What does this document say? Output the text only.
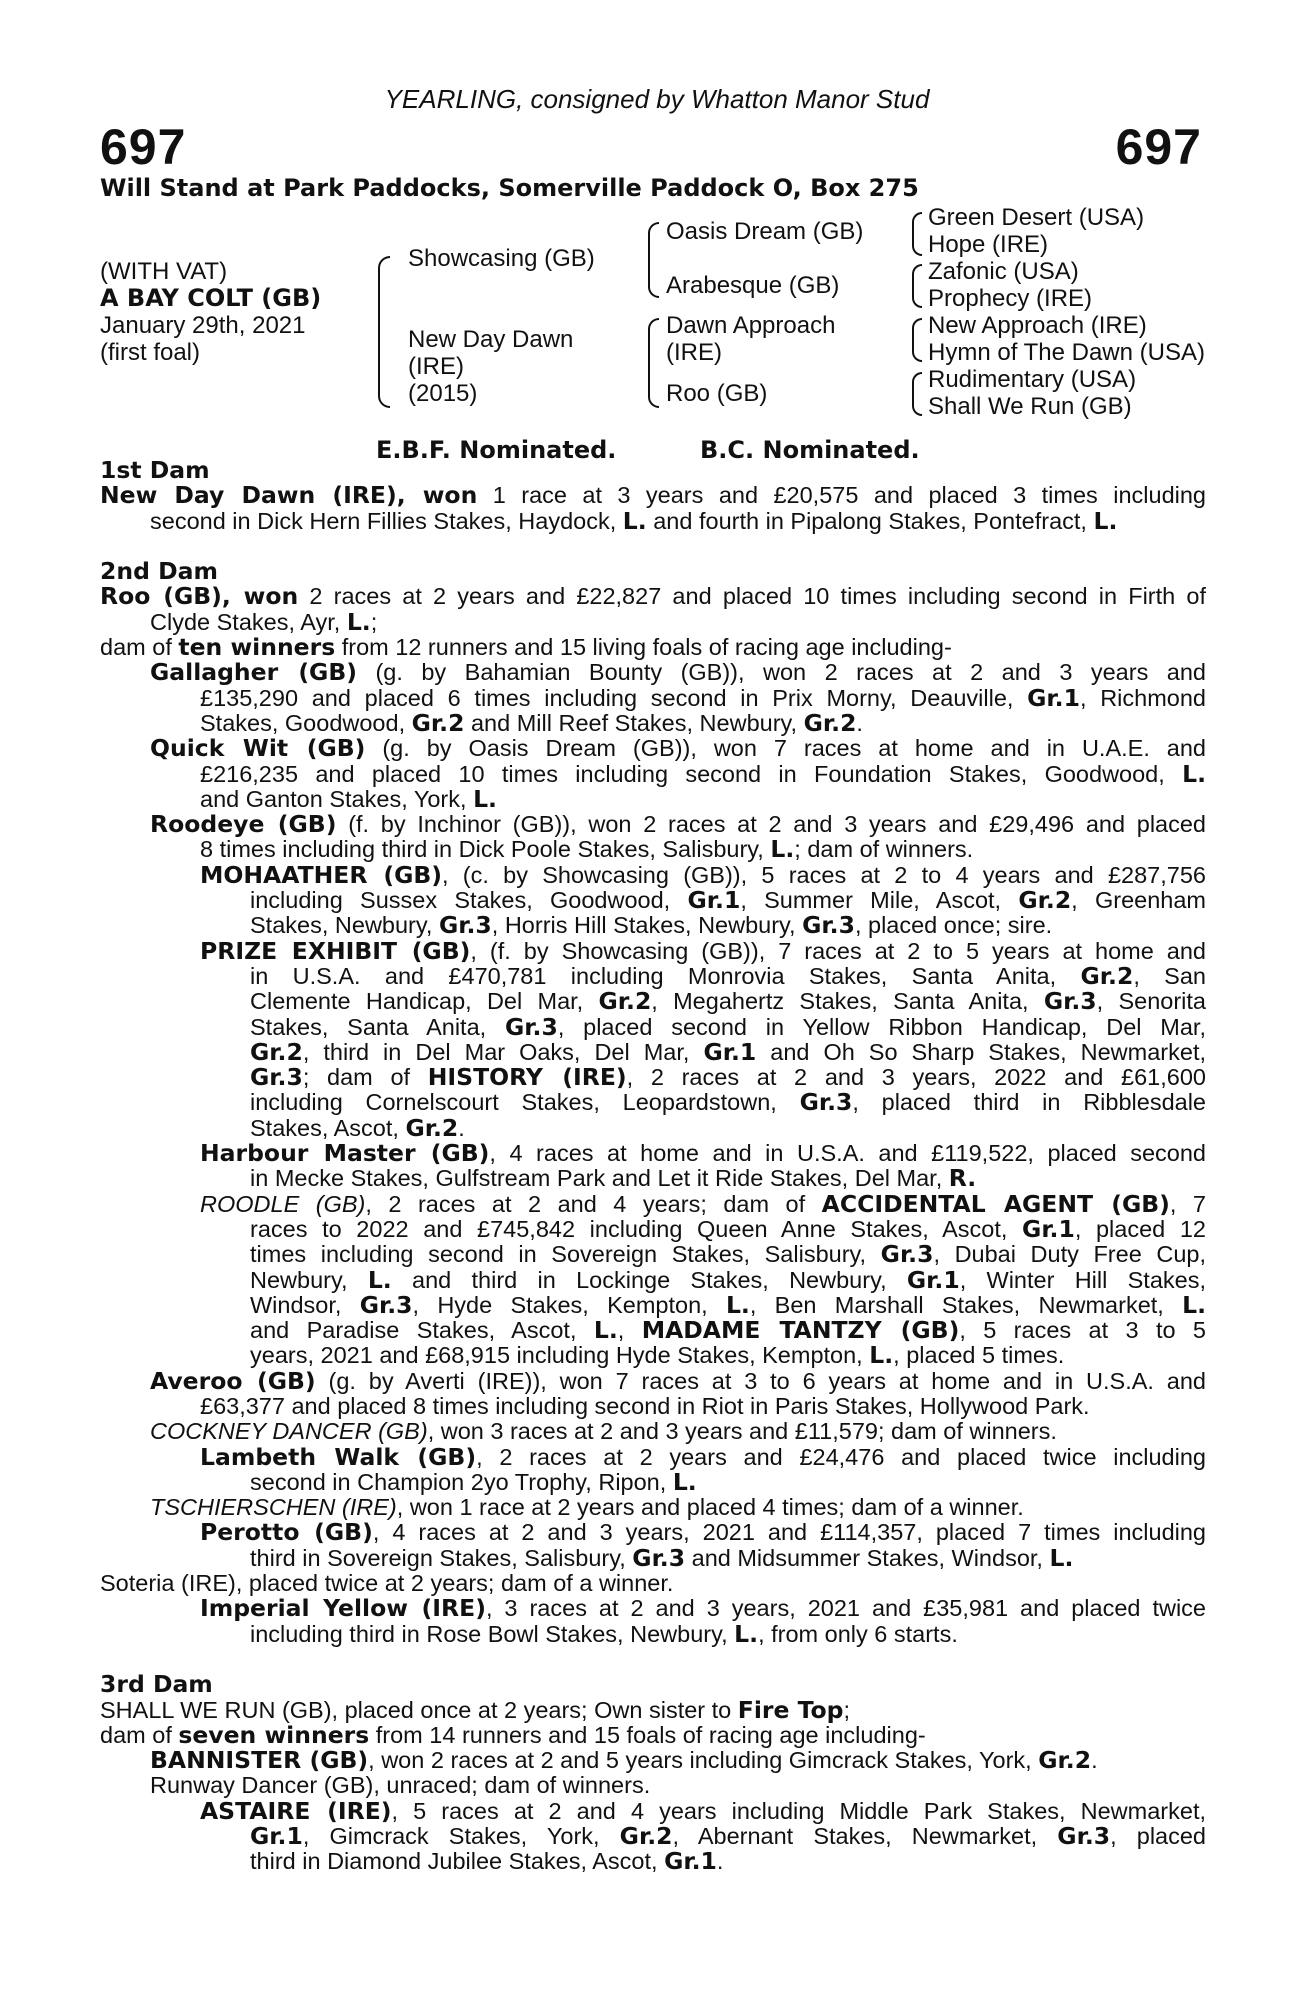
YEARLING, consigned by Whatton Manor Stud
697	697
Will Stand at Park Paddocks, Somerville Paddock O, Box 275
(WITH VAT)
A BAY COLT (GB)
January 29th, 2021
(first foal)
Showcasing (GB)
New Day Dawn
(IRE)
(2015)
Oasis Dream (GB)
Arabesque (GB)
Dawn Approach
(IRE)
Roo (GB)
Green Desert (USA)
Hope (IRE)
Zafonic (USA)
Prophecy (IRE)
New Approach (IRE)
Hymn of The Dawn (USA)
Rudimentary (USA)
Shall We Run (GB)
E.B.F. Nominated.	B.C. Nominated.
1st Dam
New Day Dawn (IRE), won 1 race at 3 years and £20,575 and placed 3 times including
second in Dick Hern Fillies Stakes, Haydock, L. and fourth in Pipalong Stakes, Pontefract, L.
2nd Dam
Roo (GB), won 2 races at 2 years and £22,827 and placed 10 times including second in Firth of
Clyde Stakes, Ayr, L.;
dam of ten winners from 12 runners and 15 living foals of racing age including-
Gallagher (GB) (g. by Bahamian Bounty (GB)), won 2 races at 2 and 3 years and
£135,290 and placed 6 times including second in Prix Morny, Deauville, Gr.1, Richmond
Stakes, Goodwood, Gr.2 and Mill Reef Stakes, Newbury, Gr.2.
Quick Wit (GB) (g. by Oasis Dream (GB)), won 7 races at home and in U.A.E. and
£216,235 and placed 10 times including second in Foundation Stakes, Goodwood, L.
and Ganton Stakes, York, L.
Roodeye (GB) (f. by Inchinor (GB)), won 2 races at 2 and 3 years and £29,496 and placed
8 times including third in Dick Poole Stakes, Salisbury, L.; dam of winners.
MOHAATHER (GB), (c. by Showcasing (GB)), 5 races at 2 to 4 years and £287,756
including Sussex Stakes, Goodwood, Gr.1, Summer Mile, Ascot, Gr.2, Greenham
Stakes, Newbury, Gr.3, Horris Hill Stakes, Newbury, Gr.3, placed once; sire.
PRIZE EXHIBIT (GB), (f. by Showcasing (GB)), 7 races at 2 to 5 years at home and
in U.S.A. and £470,781 including Monrovia Stakes, Santa Anita, Gr.2, San
Clemente Handicap, Del Mar, Gr.2, Megahertz Stakes, Santa Anita, Gr.3, Senorita
Stakes, Santa Anita, Gr.3, placed second in Yellow Ribbon Handicap, Del Mar,
Gr.2, third in Del Mar Oaks, Del Mar, Gr.1 and Oh So Sharp Stakes, Newmarket,
Gr.3; dam of HISTORY (IRE), 2 races at 2 and 3 years, 2022 and £61,600
including Cornelscourt Stakes, Leopardstown, Gr.3, placed third in Ribblesdale
Stakes, Ascot, Gr.2.
Harbour Master (GB), 4 races at home and in U.S.A. and £119,522, placed second
in Mecke Stakes, Gulfstream Park and Let it Ride Stakes, Del Mar, R.
ROODLE (GB), 2 races at 2 and 4 years; dam of ACCIDENTAL AGENT (GB), 7
races to 2022 and £745,842 including Queen Anne Stakes, Ascot, Gr.1, placed 12
times including second in Sovereign Stakes, Salisbury, Gr.3, Dubai Duty Free Cup,
Newbury, L. and third in Lockinge Stakes, Newbury, Gr.1, Winter Hill Stakes,
Windsor, Gr.3, Hyde Stakes, Kempton, L., Ben Marshall Stakes, Newmarket, L.
and Paradise Stakes, Ascot, L., MADAME TANTZY (GB), 5 races at 3 to 5
years, 2021 and £68,915 including Hyde Stakes, Kempton, L., placed 5 times.
Averoo (GB) (g. by Averti (IRE)), won 7 races at 3 to 6 years at home and in U.S.A. and
£63,377 and placed 8 times including second in Riot in Paris Stakes, Hollywood Park.
COCKNEY DANCER (GB), won 3 races at 2 and 3 years and £11,579; dam of winners.
Lambeth Walk (GB), 2 races at 2 years and £24,476 and placed twice including
second in Champion 2yo Trophy, Ripon, L.
TSCHIERSCHEN (IRE), won 1 race at 2 years and placed 4 times; dam of a winner.
Perotto (GB), 4 races at 2 and 3 years, 2021 and £114,357, placed 7 times including
third in Sovereign Stakes, Salisbury, Gr.3 and Midsummer Stakes, Windsor, L.
Soteria (IRE), placed twice at 2 years; dam of a winner.
Imperial Yellow (IRE), 3 races at 2 and 3 years, 2021 and £35,981 and placed twice
including third in Rose Bowl Stakes, Newbury, L., from only 6 starts.
3rd Dam
SHALL WE RUN (GB), placed once at 2 years; Own sister to Fire Top;
dam of seven winners from 14 runners and 15 foals of racing age including-
BANNISTER (GB), won 2 races at 2 and 5 years including Gimcrack Stakes, York, Gr.2.
Runway Dancer (GB), unraced; dam of winners.
ASTAIRE (IRE), 5 races at 2 and 4 years including Middle Park Stakes, Newmarket,
Gr.1, Gimcrack Stakes, York, Gr.2, Abernant Stakes, Newmarket, Gr.3, placed
third in Diamond Jubilee Stakes, Ascot, Gr.1.
